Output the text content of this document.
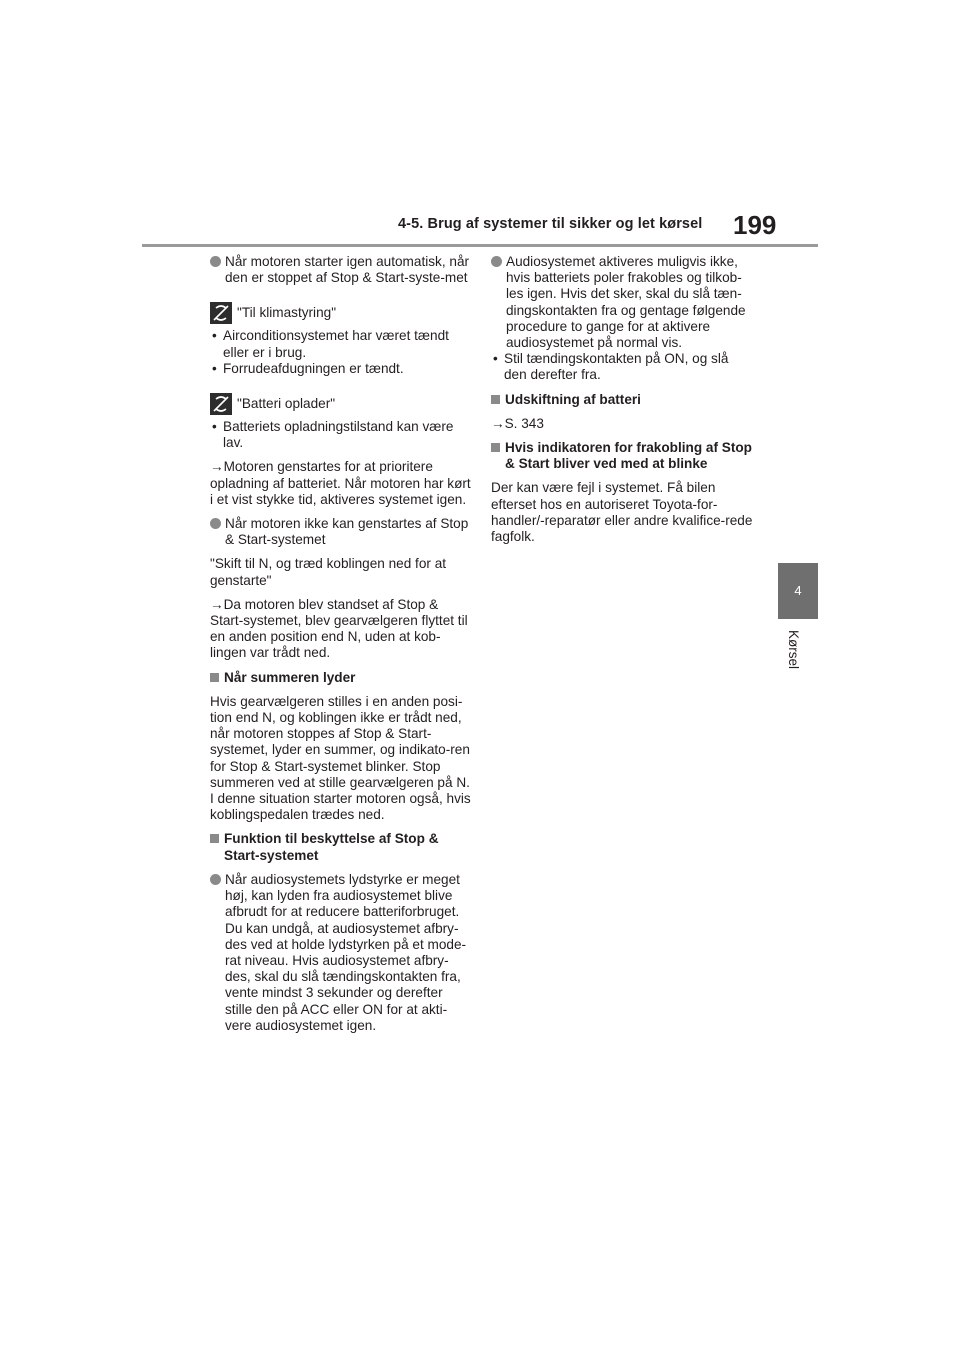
4-5. Brug af systemer til sikker og let kørsel 199
4
Kørsel
Når motoren starter igen automatisk, når den er stoppet af Stop & Start-syste-met
"Til klimastyring"
• Airconditionsystemet har været tændt eller er i brug.
• Forrudeafdugningen er tændt.
"Batteri oplader"
• Batteriets opladningstilstand kan være lav.

→Motoren genstartes for at prioritere opladning af batteriet. Når motoren har kørt i et vist stykke tid, aktiveres systemet igen.

Når motoren ikke kan genstartes af Stop & Start-systemet

"Skift til N, og træd koblingen ned for at genstarte"

→Da motoren blev standset af Stop & Start-systemet, blev gearvælgeren flyttet til en anden position end N, uden at kob-lingen var trådt ned.

Når summeren lyder

Hvis gearvælgeren stilles i en anden posi-tion end N, og koblingen ikke er trådt ned, når motoren stoppes af Stop & Start-systemet, lyder en summer, og indikato-ren for Stop & Start-systemet blinker. Stop summeren ved at stille gearvælgeren på N. I denne situation starter motoren også, hvis koblingspedalen trædes ned.

Funktion til beskyttelse af Stop & Start-systemet
Når audiosystemets lydstyrke er meget høj, kan lyden fra audiosystemet blive afbrudt for at reducere batteriforbruget. Du kan undgå, at audiosystemet afbry-des ved at holde lydstyrken på et mode-rat niveau. Hvis audiosystemet afbry-des, skal du slå tændingskontakten fra, vente mindst 3 sekunder og derefter stille den på ACC eller ON for at akti-vere audiosystemet igen.
Audiosystemet aktiveres muligvis ikke, hvis batteriets poler frakobles og tilkob-les igen. Hvis det sker, skal du slå tæn-dingskontakten fra og gentage følgende procedure to gange for at aktivere audiosystemet på normal vis.
• Stil tændingskontakten på ON, og slå den derefter fra.
Udskiftning af batteri

→S. 343

Hvis indikatoren for frakobling af Stop & Start bliver ved med at blinke

Der kan være fejl i systemet. Få bilen efterset hos en autoriseret Toyota-for-handler/-reparatør eller andre kvalifice-rede fagfolk.
